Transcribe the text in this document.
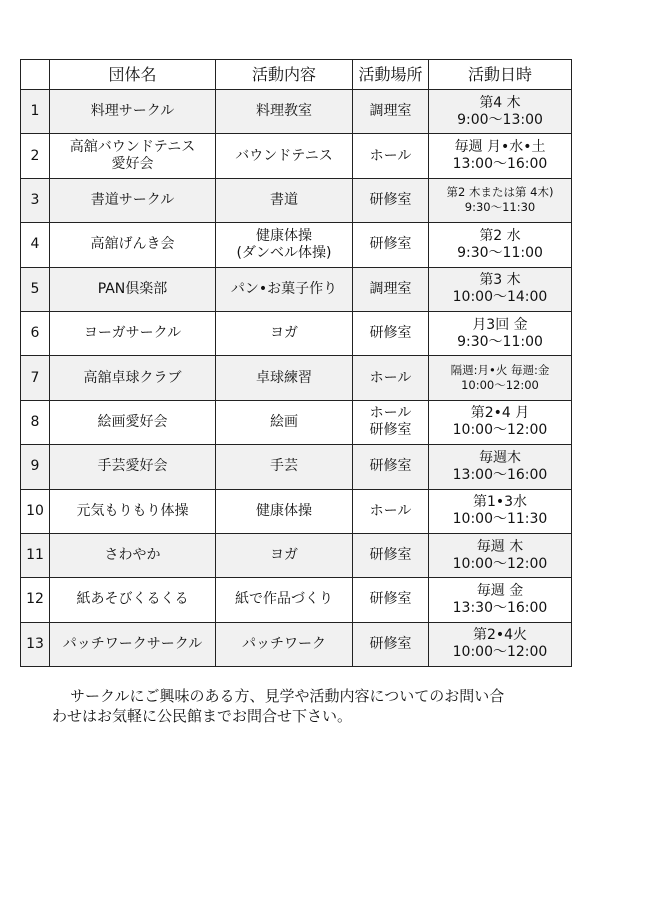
	団体名	活動内容	活動場所	活動日時
1	料理サークル	料理教室	調理室	第4 木
9:00〜13:00

2	高舘バウンドテニス
愛好会	バウンドテニス	ホール	毎週 月•水•土
13:00〜16:00

3	書道サークル	書道	研修室	第2 木または第 4木)
9:30〜11:30

4	高舘げんき会	健康体操
(ダンベル体操)	研修室	第2 水
9:30〜11:00

5	PAN倶楽部	パン•お菓子作り	調理室	第3 木
10:00〜14:00

6	ヨーガサークル	ヨガ	研修室	月3回 金
9:30〜11:00

7	高舘卓球クラブ	卓球練習	ホール	隔週:月•火 毎週:金
10:00〜12:00

8	絵画愛好会	絵画	ホール
研修室	第2•4 月
10:00〜12:00

9	手芸愛好会	手芸	研修室	毎週木
13:00〜16:00

10	元気もりもり体操	健康体操	ホール	第1•3水
10:00〜11:30

11	さわやか	ヨガ	研修室	毎週 木
10:00〜12:00

12	紙あそびくるくる	紙で作品づくり	研修室	毎週 金
13:30〜16:00

13	パッチワークサークル	パッチワーク	研修室	第2•4火
10:00〜12:00

サークルにご興味のある方、見学や活動内容についてのお問い合
わせはお気軽に公民館までお問合せ下さい。
